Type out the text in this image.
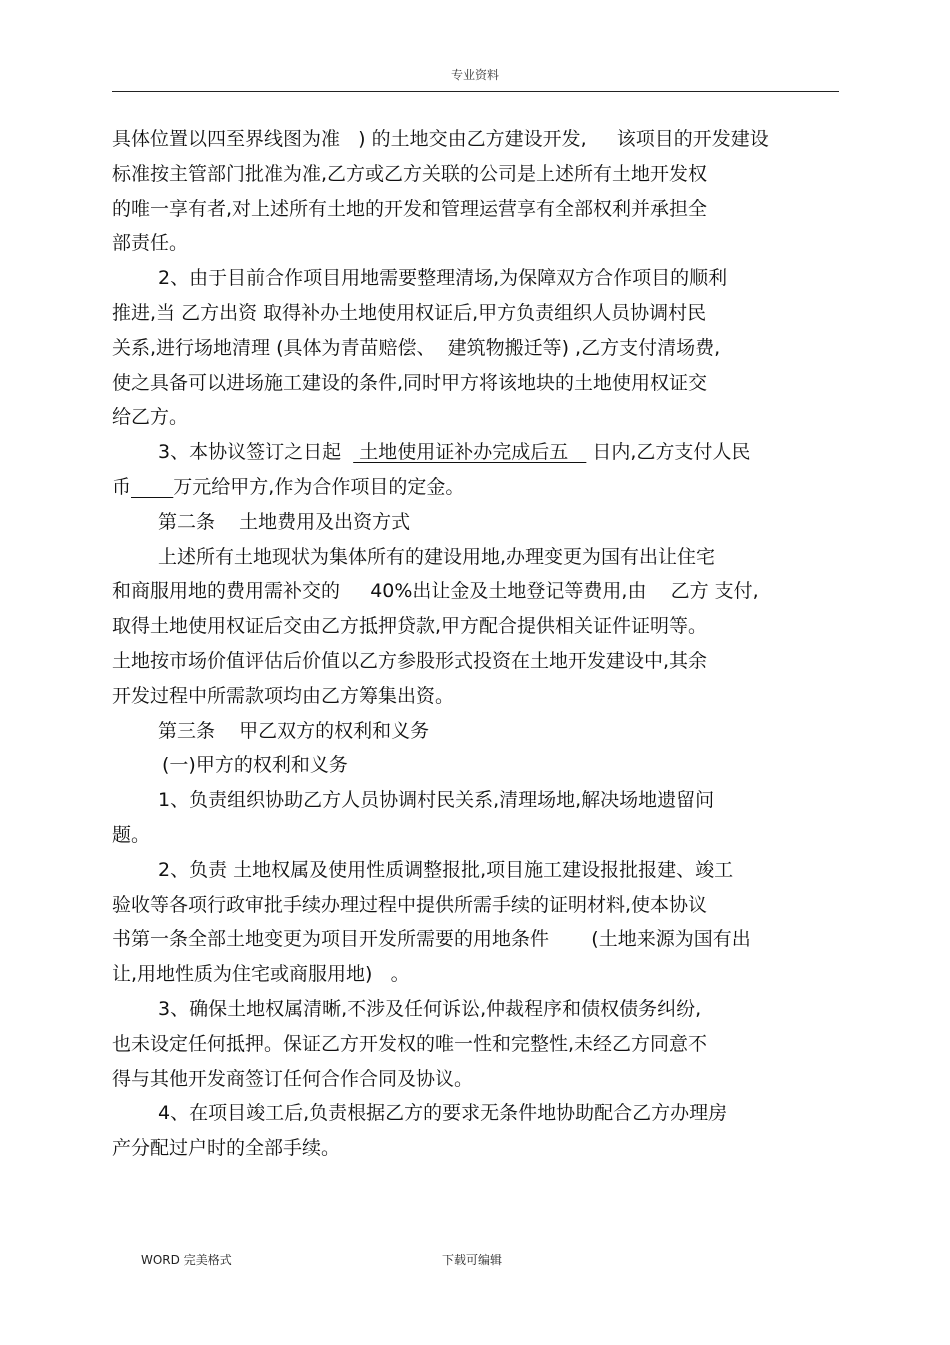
专业资料
具体位置以四至界线图为准   ) 的土地交由乙方建设开发,     该项目的开发建设
标准按主管部门批准为准,乙方或乙方关联的公司是上述所有土地开发权
的唯一享有者,对上述所有土地的开发和管理运营享有全部权利并承担全
部责任。
2、由于目前合作项目用地需要整理清场,为保障双方合作项目的顺利
推进,当 乙方出资 取得补办土地使用权证后,甲方负责组织人员协调村民
关系,进行场地清理 (具体为青苗赔偿、  建筑物搬迁等) ,乙方支付清场费,
使之具备可以进场施工建设的条件,同时甲方将该地块的土地使用权证交
给乙方。
3、本协议签订之日起   土地使用证补办完成后五    日内,乙方支付人民
币 万元给甲方,作为合作项目的定金。
第二条    土地费用及出资方式
上述所有土地现状为集体所有的建设用地,办理变更为国有出让住宅
和商服用地的费用需补交的     40%出让金及土地登记等费用,由    乙方 支付,
取得土地使用权证后交由乙方抵押贷款,甲方配合提供相关证件证明等。
土地按市场价值评估后价值以乙方参股形式投资在土地开发建设中,其余
开发过程中所需款项均由乙方筹集出资。
第三条    甲乙双方的权利和义务
(一)甲方的权利和义务
1、负责组织协助乙方人员协调村民关系,清理场地,解决场地遗留问
题。
2、负责 土地权属及使用性质调整报批,项目施工建设报批报建、竣工
验收等各项行政审批手续办理过程中提供所需手续的证明材料,使本协议
书第一条全部土地变更为项目开发所需要的用地条件       (土地来源为国有出
让,用地性质为住宅或商服用地)   。
3、确保土地权属清晰,不涉及任何诉讼,仲裁程序和债权债务纠纷,
也未设定任何抵押。保证乙方开发权的唯一性和完整性,未经乙方同意不
得与其他开发商签订任何合作合同及协议。
4、在项目竣工后,负责根据乙方的要求无条件地协助配合乙方办理房
产分配过户时的全部手续。
WORD 完美格式	下载可编辑
